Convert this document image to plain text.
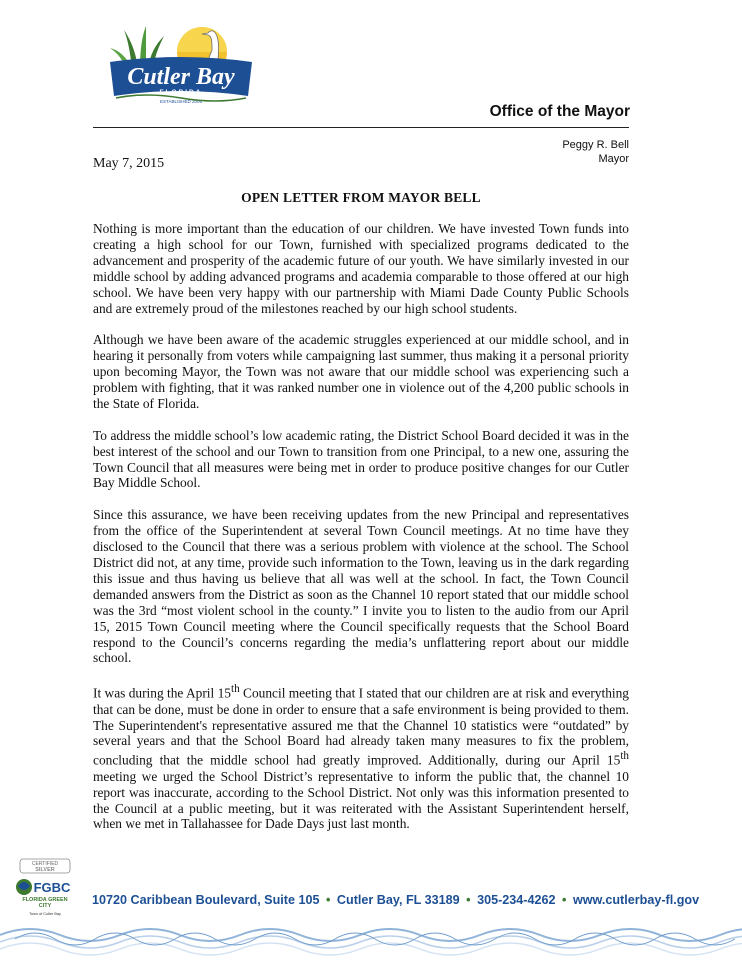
Cutler Bay
FLORIDA
ESTABLISHED 2005
Office of the Mayor
Peggy R. Bell
Mayor
May 7, 2015
OPEN LETTER FROM MAYOR BELL

Nothing is more important than the education of our children. We have invested Town funds into creating a high school for our Town, furnished with specialized programs dedicated to the advancement and prosperity of the academic future of our youth. We have similarly invested in our middle school by adding advanced programs and academia comparable to those offered at our high school. We have been very happy with our partnership with Miami Dade County Public Schools and are extremely proud of the milestones reached by our high school students.

Although we have been aware of the academic struggles experienced at our middle school, and in hearing it personally from voters while campaigning last summer, thus making it a personal priority upon becoming Mayor, the Town was not aware that our middle school was experiencing such a problem with fighting, that it was ranked number one in violence out of the 4,200 public schools in the State of Florida.

To address the middle school’s low academic rating, the District School Board decided it was in the best interest of the school and our Town to transition from one Principal, to a new one, assuring the Town Council that all measures were being met in order to produce positive changes for our Cutler Bay Middle School.

Since this assurance, we have been receiving updates from the new Principal and representatives from the office of the Superintendent at several Town Council meetings. At no time have they disclosed to the Council that there was a serious problem with violence at the school. The School District did not, at any time, provide such information to the Town, leaving us in the dark regarding this issue and thus having us believe that all was well at the school. In fact, the Town Council demanded answers from the District as soon as the Channel 10 report stated that our middle school was the 3rd “most violent school in the county.” I invite you to listen to the audio from our April 15, 2015 Town Council meeting where the Council specifically requests that the School Board respond to the Council’s concerns regarding the media’s unflattering report about our middle school.

It was during the April 15th Council meeting that I stated that our children are at risk and everything that can be done, must be done in order to ensure that a safe environment is being provided to them. The Superintendent's representative assured me that the Channel 10 statistics were “outdated” by several years and that the School Board had already taken many measures to fix the problem, concluding that the middle school had greatly improved. Additionally, during our April 15th meeting we urged the School District’s representative to inform the public that, the channel 10 report was inaccurate, according to the School District. Not only was this information presented to the Council at a public meeting, but it was reiterated with the Assistant Superintendent herself, when we met in Tallahassee for Dade Days just last month.

CERTIFIED
SILVER
FGBC
FLORIDA GREEN
CITY
Town of Cutler Bay
10720 Caribbean Boulevard, Suite 105 • Cutler Bay, FL 33189 • 305-234-4262 • www.cutlerbay-fl.gov
